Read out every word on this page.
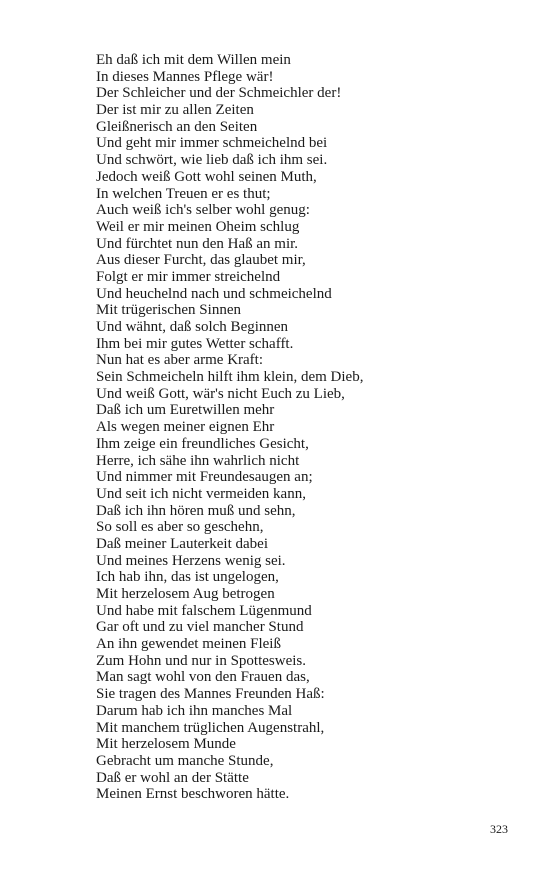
Eh daß ich mit dem Willen mein
In dieses Mannes Pflege wär!
Der Schleicher und der Schmeichler der!
Der ist mir zu allen Zeiten
Gleißnerisch an den Seiten
Und geht mir immer schmeichelnd bei
Und schwört, wie lieb daß ich ihm sei.
Jedoch weiß Gott wohl seinen Muth,
In welchen Treuen er es thut;
Auch weiß ich's selber wohl genug:
Weil er mir meinen Oheim schlug
Und fürchtet nun den Haß an mir.
Aus dieser Furcht, das glaubet mir,
Folgt er mir immer streichelnd
Und heuchelnd nach und schmeichelnd
Mit trügerischen Sinnen
Und wähnt, daß solch Beginnen
Ihm bei mir gutes Wetter schafft.
Nun hat es aber arme Kraft:
Sein Schmeicheln hilft ihm klein, dem Dieb,
Und weiß Gott, wär's nicht Euch zu Lieb,
Daß ich um Euretwillen mehr
Als wegen meiner eignen Ehr
Ihm zeige ein freundliches Gesicht,
Herre, ich sähe ihn wahrlich nicht
Und nimmer mit Freundesaugen an;
Und seit ich nicht vermeiden kann,
Daß ich ihn hören muß und sehn,
So soll es aber so geschehn,
Daß meiner Lauterkeit dabei
Und meines Herzens wenig sei.
Ich hab ihn, das ist ungelogen,
Mit herzelosem Aug betrogen
Und habe mit falschem Lügenmund
Gar oft und zu viel mancher Stund
An ihn gewendet meinen Fleiß
Zum Hohn und nur in Spottesweis.
Man sagt wohl von den Frauen das,
Sie tragen des Mannes Freunden Haß:
Darum hab ich ihn manches Mal
Mit manchem trüglichen Augenstrahl,
Mit herzelosem Munde
Gebracht um manche Stunde,
Daß er wohl an der Stätte
Meinen Ernst beschworen hätte.
323
